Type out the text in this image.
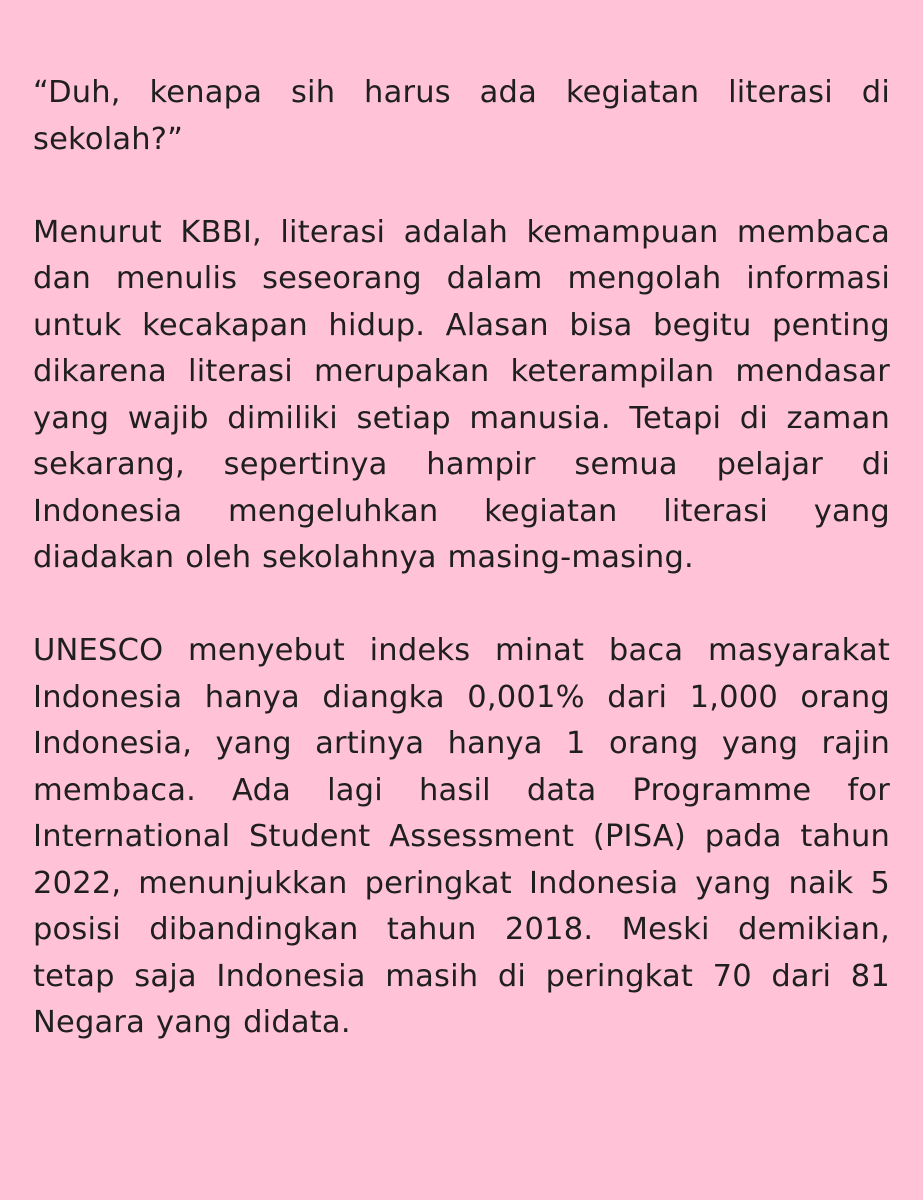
“Duh, kenapa sih harus ada kegiatan literasi di sekolah?”

Menurut KBBI, literasi adalah kemampuan membaca dan menulis seseorang dalam mengolah informasi untuk kecakapan hidup. Alasan bisa begitu penting dikarena literasi merupakan keterampilan mendasar yang wajib dimiliki setiap manusia. Tetapi di zaman sekarang, sepertinya hampir semua pelajar di Indonesia mengeluhkan kegiatan literasi yang diadakan oleh sekolahnya masing-masing.

UNESCO menyebut indeks minat baca masyarakat Indonesia hanya diangka 0,001% dari 1,000 orang Indonesia, yang artinya hanya 1 orang yang rajin membaca. Ada lagi hasil data Programme for International Student Assessment (PISA) pada tahun 2022, menunjukkan peringkat Indonesia yang naik 5 posisi dibandingkan tahun 2018. Meski demikian, tetap saja Indonesia masih di peringkat 70 dari 81 Negara yang didata.
